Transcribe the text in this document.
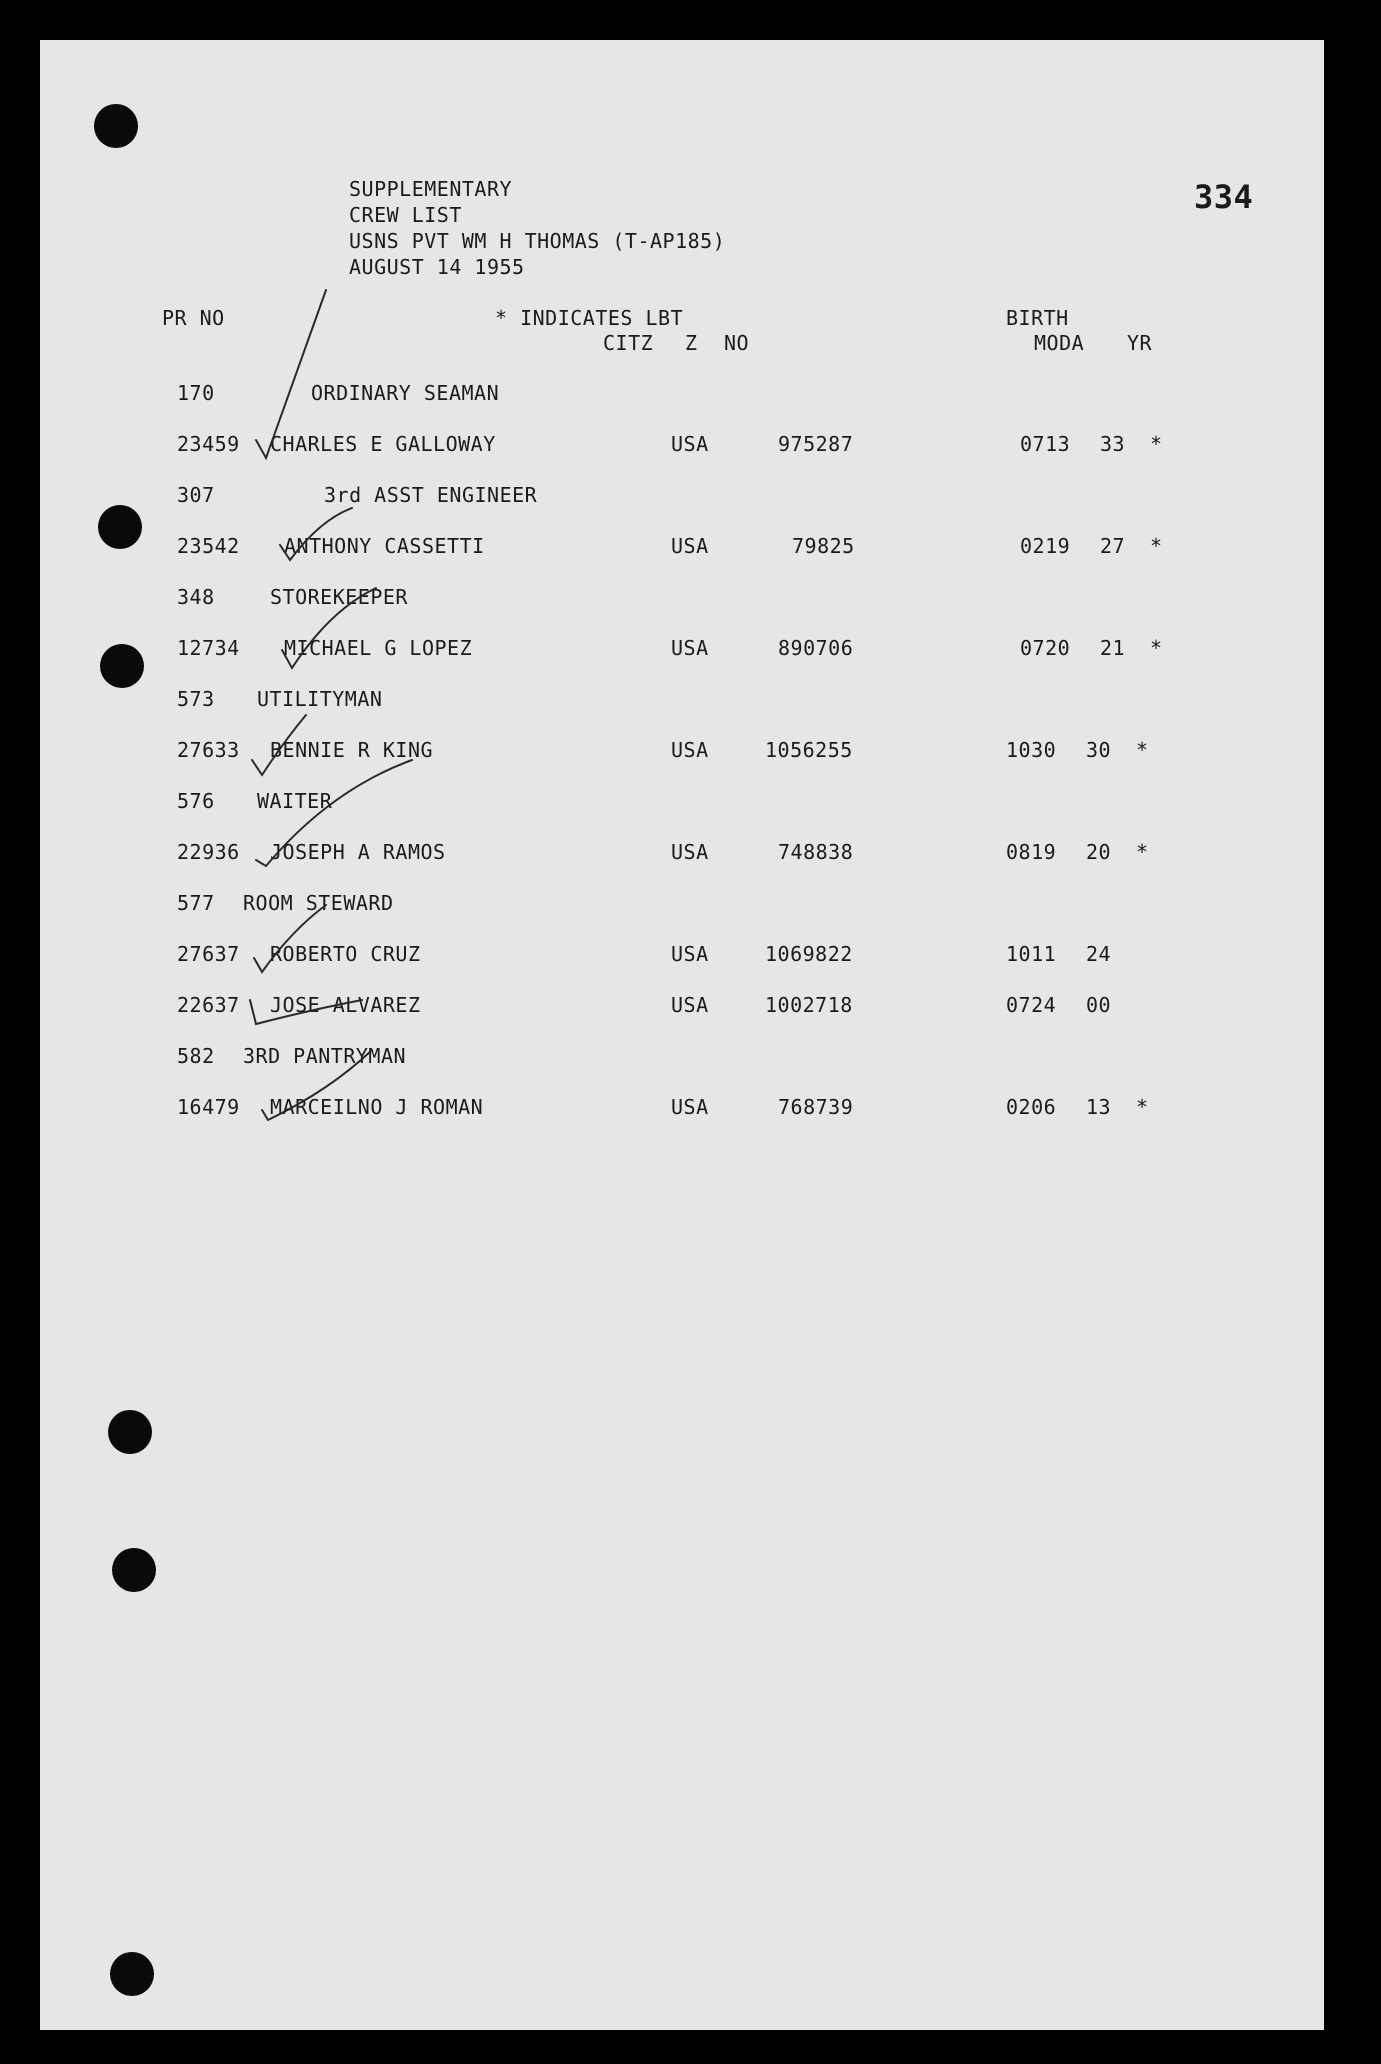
SUPPLEMENTARY
CREW LIST
USNS PVT WM H THOMAS (T-AP185)
AUGUST 14 1955
334
PR NO	* INDICATES LBT
CITZ Z NO
BIRTH
MODA YR
170	ORDINARY SEAMAN
23459 CHARLES E GALLOWAY	USA	975287	0713 33 *
307	3rd ASST ENGINEER
23542 ANTHONY CASSETTI	USA	79825	0219 27 *
348	STOREKEEPER
12734 MICHAEL G LOPEZ	USA	890706	0720 21 *
573 UTILITYMAN
27633 BENNIE R KING	USA	1056255	1030 30 *
576 WAITER
22936 JOSEPH A RAMOS	USA	748838	0819 20 *
577 ROOM STEWARD
27637 ROBERTO CRUZ	USA	1069822	1011 24
22637 JOSE ALVAREZ	USA	1002718	0724 00
582 3RD PANTRYMAN
16479 MARCEILNO J ROMAN	USA	768739	0206 13 *
